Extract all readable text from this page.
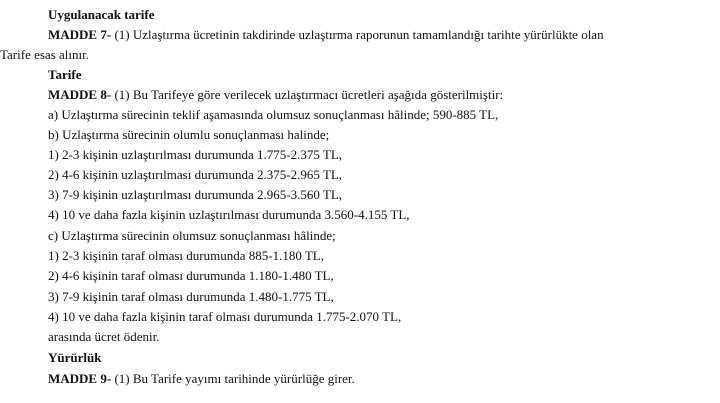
Uygulanacak tarife
MADDE 7- (1) Uzlaştırma ücretinin takdirinde uzlaştırma raporunun tamamlandığı tarihte yürürlükte olan
Tarife esas alınır.
Tarife
MADDE 8- (1) Bu Tarifeye göre verilecek uzlaştırmacı ücretleri aşağıda gösterilmiştir:
a) Uzlaştırma sürecinin teklif aşamasında olumsuz sonuçlanması hâlinde; 590-885 TL,
b) Uzlaştırma sürecinin olumlu sonuçlanması halinde;
1) 2-3 kişinin uzlaştırılması durumunda 1.775-2.375 TL,
2) 4-6 kişinin uzlaştırılması durumunda 2.375-2.965 TL,
3) 7-9 kişinin uzlaştırılması durumunda 2.965-3.560 TL,
4) 10 ve daha fazla kişinin uzlaştırılması durumunda 3.560-4.155 TL,
c) Uzlaştırma sürecinin olumsuz sonuçlanması hâlinde;
1) 2-3 kişinin taraf olması durumunda 885-1.180 TL,
2) 4-6 kişinin taraf olması durumunda 1.180-1.480 TL,
3) 7-9 kişinin taraf olması durumunda 1.480-1.775 TL,
4) 10 ve daha fazla kişinin taraf olması durumunda 1.775-2.070 TL,
arasında ücret ödenir.
Yürürlük
MADDE 9- (1) Bu Tarife yayımı tarihinde yürürlüğe girer.
